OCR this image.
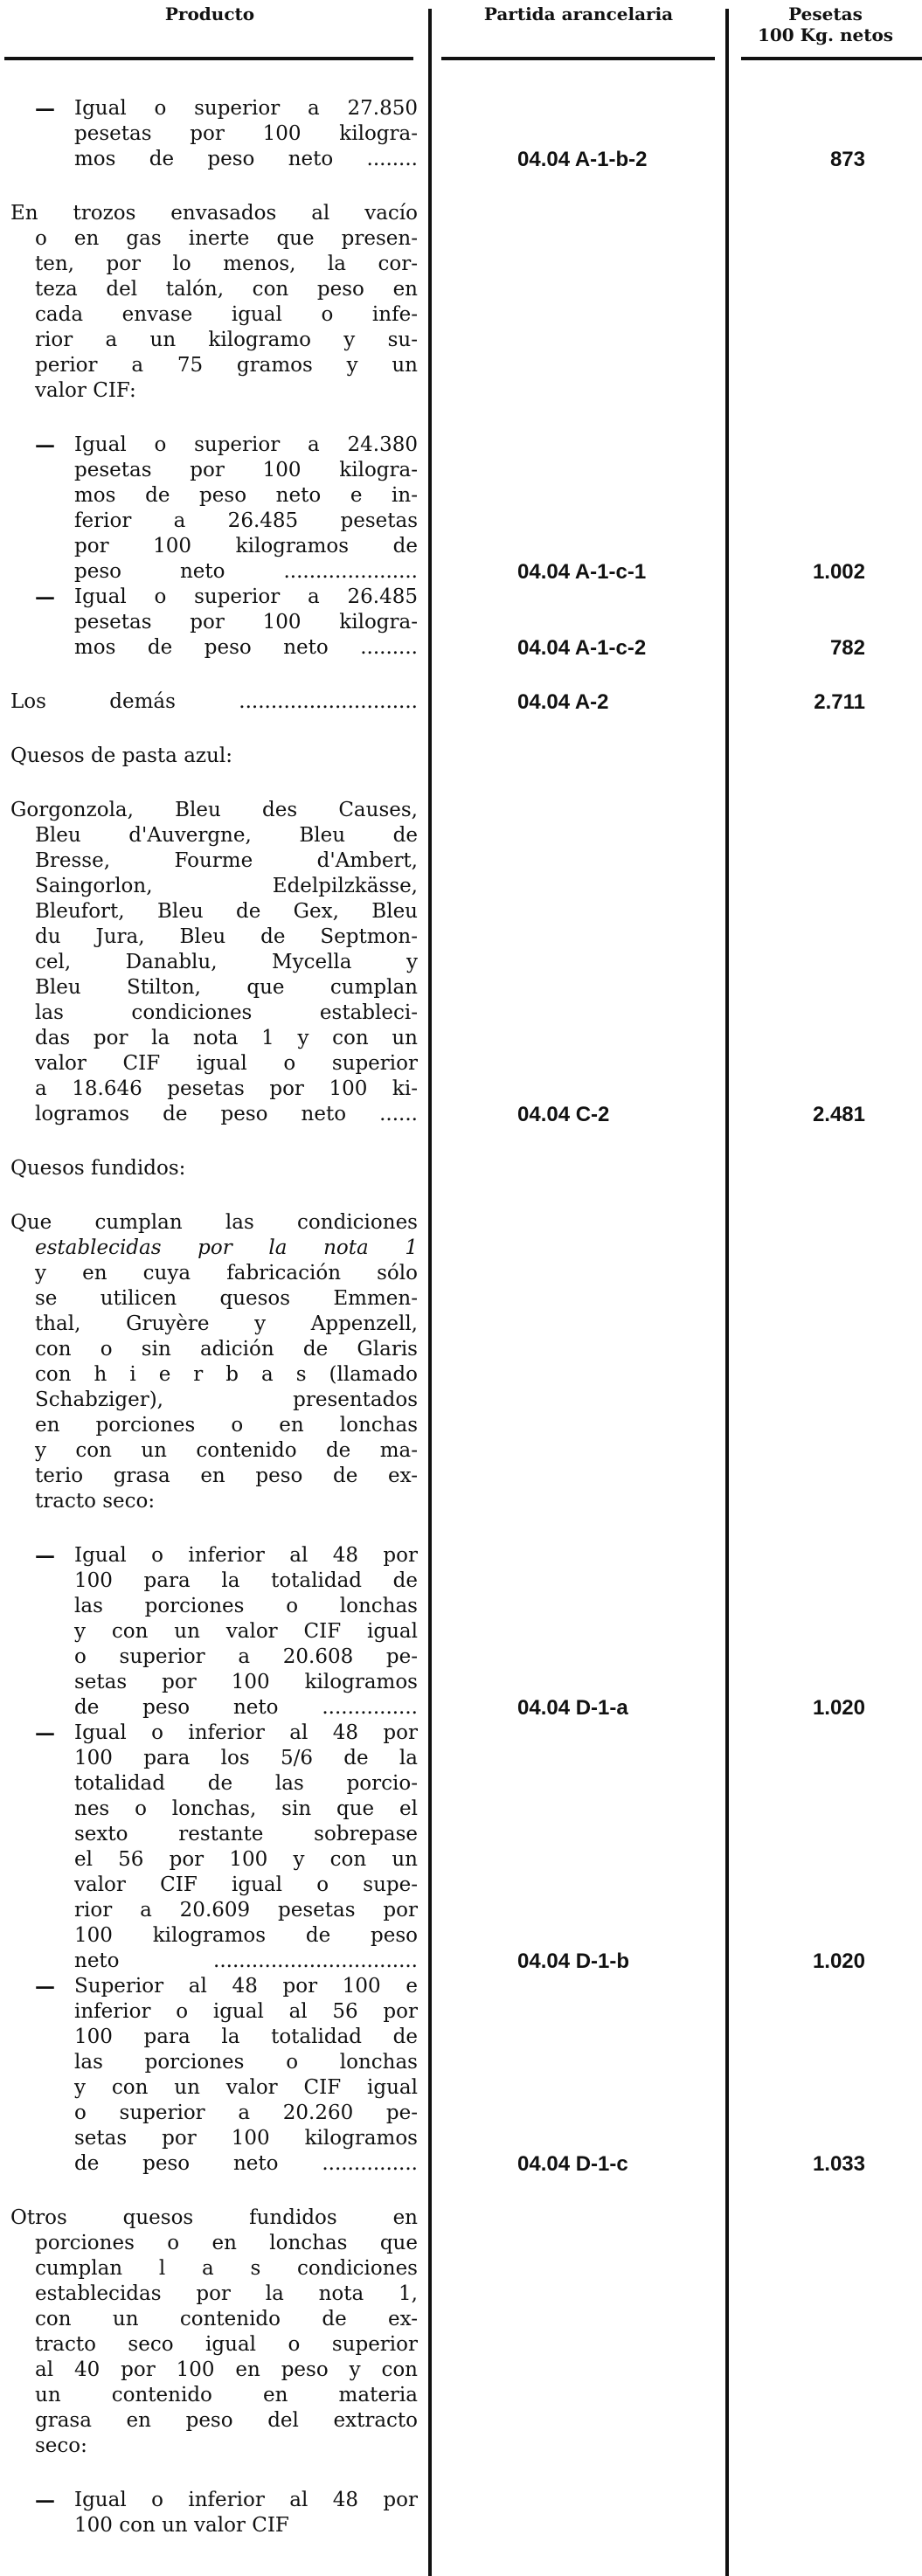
Producto	Partida arancelaria	Pesetas
100 Kg. netos
— Igual o superior a 27.850
pesetas por 100 kilogra-
mos de peso neto ........	04.04 A-1-b-2	873
En trozos envasados al vacío
o en gas inerte que presen-
ten, por lo menos, la cor-
teza del talón, con peso en
cada envase igual o infe-
rior a un kilogramo y su-
perior a 75 gramos y un
valor CIF:
— Igual o superior a 24.380
pesetas por 100 kilogra-
mos de peso neto e in-
ferior a 26.485 pesetas
por 100 kilogramos de
peso neto .....................	04.04 A-1-c-1	1.002
— Igual o superior a 26.485
pesetas por 100 kilogra-
mos de peso neto .........	04.04 A-1-c-2	782
Los demás ............................	04.04 A-2	2.711
Quesos de pasta azul:
Gorgonzola, Bleu des Causes,
Bleu d'Auvergne, Bleu de
Bresse, Fourme d'Ambert,
Saingorlon, Edelpilzkässe,
Bleufort, Bleu de Gex, Bleu
du Jura, Bleu de Septmon-
cel, Danablu, Mycella y
Bleu Stilton, que cumplan
las condiciones estableci-
das por la nota 1 y con un
valor CIF igual o superior
a 18.646 pesetas por 100 ki-
logramos de peso neto ......	04.04 C-2	2.481
Quesos fundidos:
Que cumplan las condiciones
establecidas por la nota 1
y en cuya fabricación sólo
se utilicen quesos Emmen-
thal, Gruyère y Appenzell,
con o sin adición de Glaris
con h i e r b a s (llamado
Schabziger), presentados
en porciones o en lonchas
y con un contenido de ma-
terio grasa en peso de ex-
tracto seco:
— Igual o inferior al 48 por
100 para la totalidad de
las porciones o lonchas
y con un valor CIF igual
o superior a 20.608 pe-
setas por 100 kilogramos
de peso neto ...............	04.04 D-1-a	1.020
— Igual o inferior al 48 por
100 para los 5/6 de la
totalidad de las porcio-
nes o lonchas, sin que el
sexto restante sobrepase
el 56 por 100 y con un
valor CIF igual o supe-
rior a 20.609 pesetas por
100 kilogramos de peso
neto ................................	04.04 D-1-b	1.020
— Superior al 48 por 100 e
inferior o igual al 56 por
100 para la totalidad de
las porciones o lonchas
y con un valor CIF igual
o superior a 20.260 pe-
setas por 100 kilogramos
de peso neto ...............	04.04 D-1-c	1.033
Otros quesos fundidos en
porciones o en lonchas que
cumplan l a s condiciones
establecidas por la nota 1,
con un contenido de ex-
tracto seco igual o superior
al 40 por 100 en peso y con
un contenido en materia
grasa en peso del extracto
seco:
— Igual o inferior al 48 por
100 con un valor CIF
